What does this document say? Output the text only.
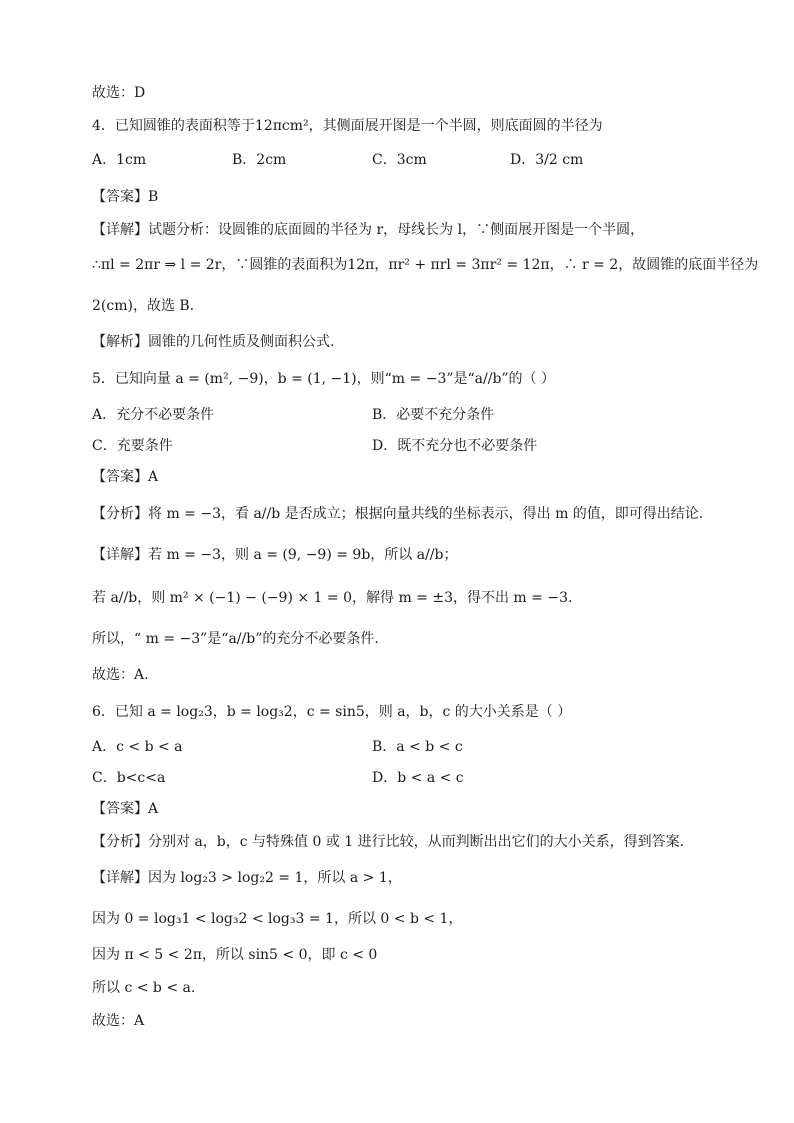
故选：D
4．已知圆锥的表面积等于12πcm²，其侧面展开图是一个半圆，则底面圆的半径为
A．1cm	B．2cm	C．3cm	D．3/2 cm
【答案】B
【详解】试题分析：设圆锥的底面圆的半径为 r，母线长为 l，∵侧面展开图是一个半圆，
∴πl = 2πr ⇒ l = 2r，∵圆锥的表面积为12π，πr² + πrl = 3πr² = 12π，∴ r = 2，故圆锥的底面半径为
2(cm)，故选 B.
【解析】圆锥的几何性质及侧面积公式.
5．已知向量 a = (m², −9)，b = (1, −1)，则“m = −3”是“a//b”的（ ）
A．充分不必要条件	B．必要不充分条件
C．充要条件	D．既不充分也不必要条件
【答案】A
【分析】将 m = −3，看 a//b 是否成立；根据向量共线的坐标表示，得出 m 的值，即可得出结论.
【详解】若 m = −3，则 a = (9, −9) = 9b，所以 a//b；
若 a//b，则 m² × (−1) − (−9) × 1 = 0，解得 m = ±3，得不出 m = −3.
所以，“ m = −3”是“a//b”的充分不必要条件.
故选：A.
6．已知 a = log₂3，b = log₃2，c = sin5，则 a，b，c 的大小关系是（ ）
A．c < b < a	B．a < b < c
C．b<c<a	D．b < a < c
【答案】A
【分析】分别对 a，b，c 与特殊值 0 或 1 进行比较，从而判断出出它们的大小关系，得到答案.
【详解】因为 log₂3 > log₂2 = 1，所以 a > 1，
因为 0 = log₃1 < log₃2 < log₃3 = 1，所以 0 < b < 1，
因为 π < 5 < 2π，所以 sin5 < 0，即 c < 0
所以 c < b < a.
故选：A
